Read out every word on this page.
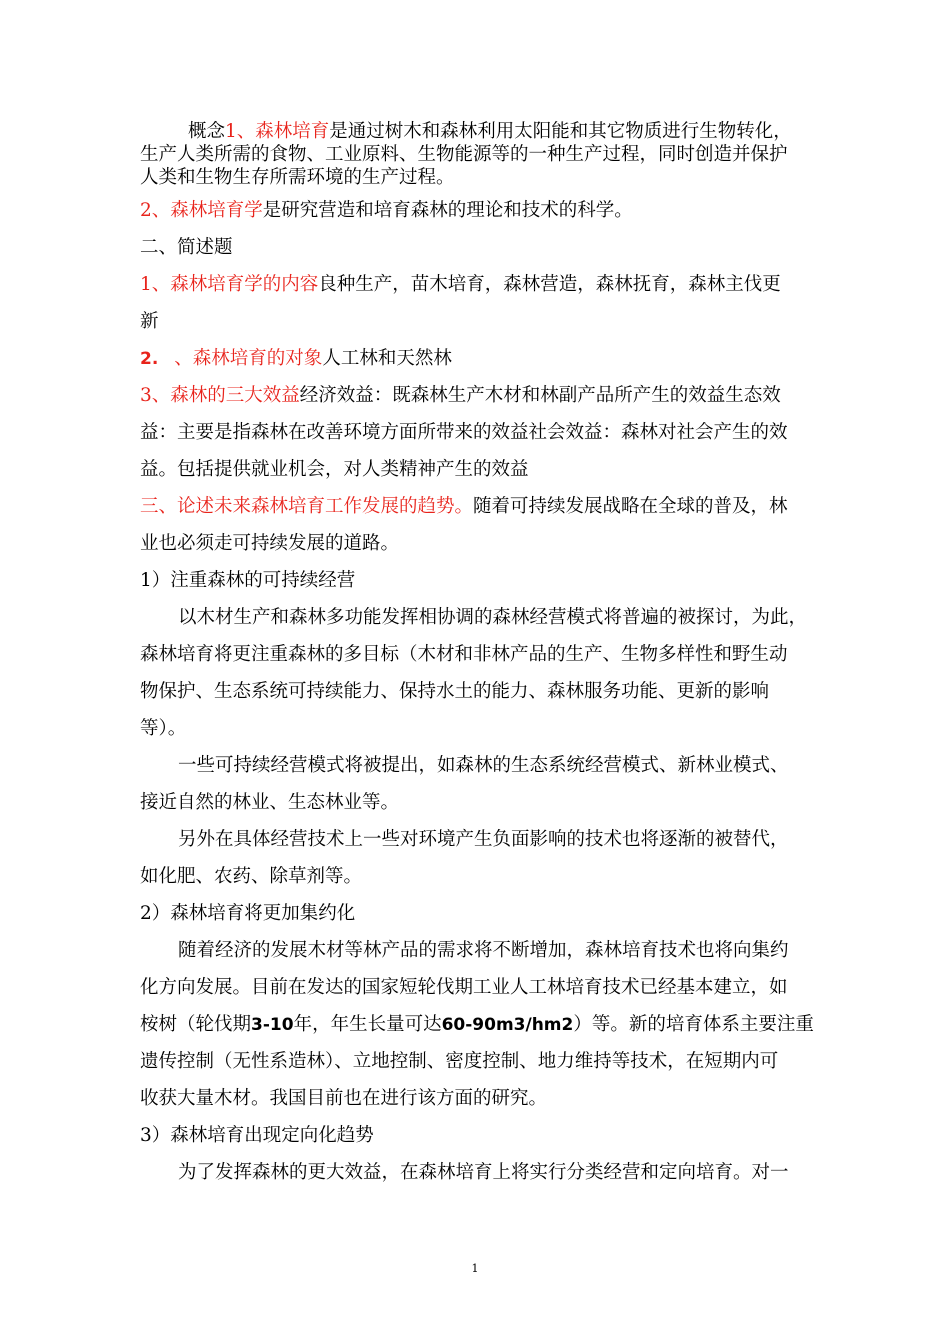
概念1、森林培育是通过树木和森林利用太阳能和其它物质进行生物转化，
生产人类所需的食物、工业原料、生物能源等的一种生产过程，同时创造并保护
人类和生物生存所需环境的生产过程。
2、森林培育学是研究营造和培育森林的理论和技术的科学。
二、简述题
1、森林培育学的内容良种生产，苗木培育，森林营造，森林抚育，森林主伐更
新
2. 、森林培育的对象人工林和天然林
3、森林的三大效益经济效益：既森林生产木材和林副产品所产生的效益生态效
益：主要是指森林在改善环境方面所带来的效益社会效益：森林对社会产生的效
益。包括提供就业机会，对人类精神产生的效益
三、论述未来森林培育工作发展的趋势。随着可持续发展战略在全球的普及，林
业也必须走可持续发展的道路。
1）注重森林的可持续经营
以木材生产和森林多功能发挥相协调的森林经营模式将普遍的被探讨，为此，
森林培育将更注重森林的多目标（木材和非林产品的生产、生物多样性和野生动
物保护、生态系统可持续能力、保持水土的能力、森林服务功能、更新的影响
等）。
一些可持续经营模式将被提出，如森林的生态系统经营模式、新林业模式、
接近自然的林业、生态林业等。
另外在具体经营技术上一些对环境产生负面影响的技术也将逐渐的被替代，
如化肥、农药、除草剂等。
2）森林培育将更加集约化
随着经济的发展木材等林产品的需求将不断增加，森林培育技术也将向集约
化方向发展。目前在发达的国家短轮伐期工业人工林培育技术已经基本建立，如
桉树（轮伐期3-10年，年生长量可达60-90m3/hm2）等。新的培育体系主要注重
遗传控制（无性系造林）、立地控制、密度控制、地力维持等技术，在短期内可
收获大量木材。我国目前也在进行该方面的研究。
3）森林培育出现定向化趋势
为了发挥森林的更大效益，在森林培育上将实行分类经营和定向培育。对一
1
